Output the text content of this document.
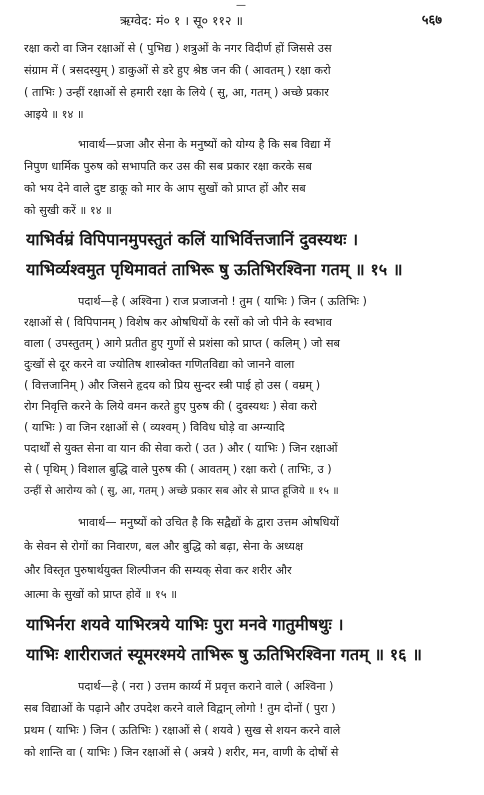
—
ऋग्वेद: मं० १ । सू० ११२ ॥	५६७
रक्षा करो वा जिन रक्षाओं से ( पुभिद्य ) शत्रुओं के नगर विदीर्ण हों जिससे उस
संग्राम में ( त्रसदस्युम् ) डाकुओं से डरे हुए श्रेष्ठ जन की ( आवतम् ) रक्षा करो
( ताभिः ) उन्हीं रक्षाओं से हमारी रक्षा के लिये ( सु, आ, गतम् ) अच्छे प्रकार
आइये ॥ १४ ॥
भावार्थ—प्रजा और सेना के मनुष्यों को योग्य है कि सब विद्या में
निपुण धार्मिक पुरुष को सभापति कर उस की सब प्रकार रक्षा करके सब
को भय देने वाले दुष्ट डाकू को मार के आप सुखों को प्राप्त हों और सब
को सुखी करें ॥ १४ ॥
याभिर्वम्रं विपिपानमुपस्तुतं कलिं याभिर्वित्तजानिं दुवस्यथः ।
याभिर्व्यश्वमुत पृथिमावतं ताभिरू षु ऊतिभिरश्विना गतम् ॥ १५ ॥
पदार्थ—हे ( अश्विना ) राज प्रजाजनो ! तुम ( याभिः ) जिन ( ऊतिभिः )
रक्षाओं से ( विपिपानम् ) विशेष कर ओषधियों के रसों को जो पीने के स्वभाव
वाला ( उपस्तुतम् ) आगे प्रतीत हुए गुणों से प्रशंसा को प्राप्त ( कलिम् ) जो सब
दुःखों से दूर करने वा ज्योतिष शास्त्रोक्त गणितविद्या को जानने वाला
( वित्तजानिम् ) और जिसने हृदय को प्रिय सुन्दर स्त्री पाई हो उस ( वम्रम् )
रोग निवृत्ति करने के लिये वमन करते हुए पुरुष की ( दुवस्यथः ) सेवा करो
( याभिः ) वा जिन रक्षाओं से ( व्यश्वम् ) विविध घोड़े वा अग्न्यादि
पदार्थों से युक्त सेना वा यान की सेवा करो ( उत ) और ( याभिः ) जिन रक्षाओं
से ( पृथिम् ) विशाल बुद्धि वाले पुरुष की ( आवतम् ) रक्षा करो ( ताभिः, उ )
उन्हीं से आरोग्य को ( सु, आ, गतम् ) अच्छे प्रकार सब ओर से प्राप्त हूजिये ॥ १५ ॥
भावार्थ— मनुष्यों को उचित है कि सद्वैद्यों के द्वारा उत्तम ओषधियों
के सेवन से रोगों का निवारण, बल और बुद्धि को बढ़ा, सेना के अध्यक्ष
और विस्तृत पुरुषार्थयुक्त शिल्पीजन की सम्यक् सेवा कर शरीर और
आत्मा के सुखों को प्राप्त होवें ॥ १५ ॥
याभिर्नरा शयवे याभिरत्रये याभिः पुरा मनवे गातुमीषथुः ।
याभिः शारीराजतं स्यूमरश्मये ताभिरू षु ऊतिभिरश्विना गतम् ॥ १६ ॥
पदार्थ—हे ( नरा ) उत्तम कार्य्य में प्रवृत्त कराने वाले ( अश्विना )
सब विद्याओं के पढ़ाने और उपदेश करने वाले विद्वान् लोगो ! तुम दोनों ( पुरा )
प्रथम ( याभिः ) जिन ( ऊतिभिः ) रक्षाओं से ( शयवे ) सुख से शयन करने वाले
को शान्ति वा ( याभिः ) जिन रक्षाओं से ( अत्रये ) शरीर, मन, वाणी के दोषों से
